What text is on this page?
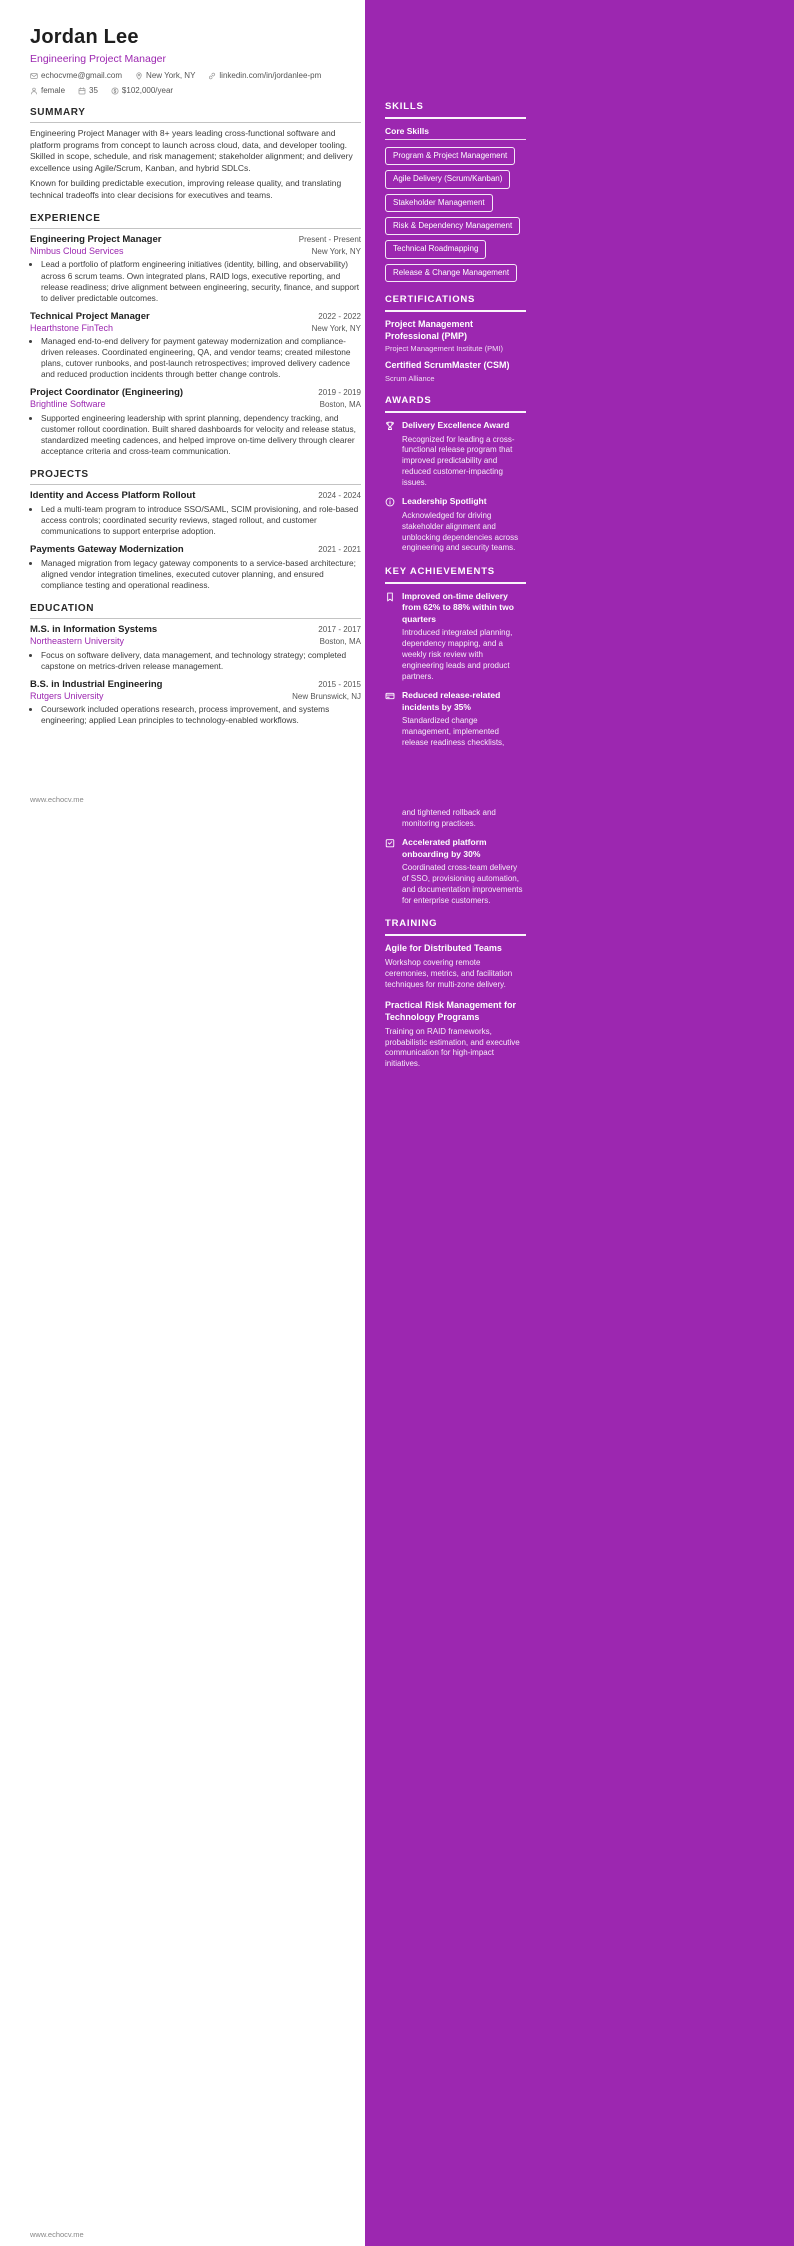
Jordan Lee
Engineering Project Manager
echocvme@gmail.com	New York, NY	linkedin.com/in/jordanlee-pm
female	35	$102,000/year
SUMMARY

Engineering Project Manager with 8+ years leading cross-functional software and platform programs from concept to launch across cloud, data, and developer tooling. Skilled in scope, schedule, and risk management; stakeholder alignment; and delivery excellence using Agile/Scrum, Kanban, and hybrid SDLCs.

Known for building predictable execution, improving release quality, and translating technical tradeoffs into clear decisions for executives and teams.

EXPERIENCE
Engineering Project Manager	Present - Present
Nimbus Cloud Services	New York, NY
• Lead a portfolio of platform engineering initiatives (identity, billing, and observability) across 6 scrum teams. Own integrated plans, RAID logs, executive reporting, and release readiness; drive alignment between engineering, security, finance, and support to deliver predictable outcomes.
Technical Project Manager	2022 - 2022
Hearthstone FinTech	New York, NY
• Managed end-to-end delivery for payment gateway modernization and compliance-driven releases. Coordinated engineering, QA, and vendor teams; created milestone plans, cutover runbooks, and post-launch retrospectives; improved delivery cadence and reduced production incidents through better change controls.
Project Coordinator (Engineering)	2019 - 2019
Brightline Software	Boston, MA
• Supported engineering leadership with sprint planning, dependency tracking, and customer rollout coordination. Built shared dashboards for velocity and release status, standardized meeting cadences, and helped improve on-time delivery through clearer acceptance criteria and cross-team communication.
PROJECTS
Identity and Access Platform Rollout	2024 - 2024
• Led a multi-team program to introduce SSO/SAML, SCIM provisioning, and role-based access controls; coordinated security reviews, staged rollout, and customer communications to support enterprise adoption.
Payments Gateway Modernization	2021 - 2021
• Managed migration from legacy gateway components to a service-based architecture; aligned vendor integration timelines, executed cutover planning, and ensured compliance testing and operational readiness.
EDUCATION
M.S. in Information Systems	2017 - 2017
Northeastern University	Boston, MA
• Focus on software delivery, data management, and technology strategy; completed capstone on metrics-driven release management.
B.S. in Industrial Engineering	2015 - 2015
Rutgers University	New Brunswick, NJ
• Coursework included operations research, process improvement, and systems engineering; applied Lean principles to technology-enabled workflows.
SKILLS
Core Skills
Program & Project Management
Agile Delivery (Scrum/Kanban)
Stakeholder Management
Risk & Dependency Management
Technical Roadmapping
Release & Change Management
CERTIFICATIONS
Project Management Professional (PMP)
Project Management Institute (PMI)
Certified ScrumMaster (CSM)
Scrum Alliance
AWARDS
Delivery Excellence Award
Recognized for leading a cross-functional release program that improved predictability and reduced customer-impacting issues.
Leadership Spotlight
Acknowledged for driving stakeholder alignment and unblocking dependencies across engineering and security teams.
KEY ACHIEVEMENTS
Improved on-time delivery from 62% to 88% within two quarters
Introduced integrated planning, dependency mapping, and a weekly risk review with engineering leads and product partners.
Reduced release-related incidents by 35%
Standardized change management, implemented release readiness checklists,
and tightened rollback and monitoring practices.
Accelerated platform onboarding by 30%
Coordinated cross-team delivery of SSO, provisioning automation, and documentation improvements for enterprise customers.
TRAINING
Agile for Distributed Teams
Workshop covering remote ceremonies, metrics, and facilitation techniques for multi-zone delivery.
Practical Risk Management for Technology Programs
Training on RAID frameworks, probabilistic estimation, and executive communication for high-impact initiatives.
www.echocv.me
www.echocv.me
